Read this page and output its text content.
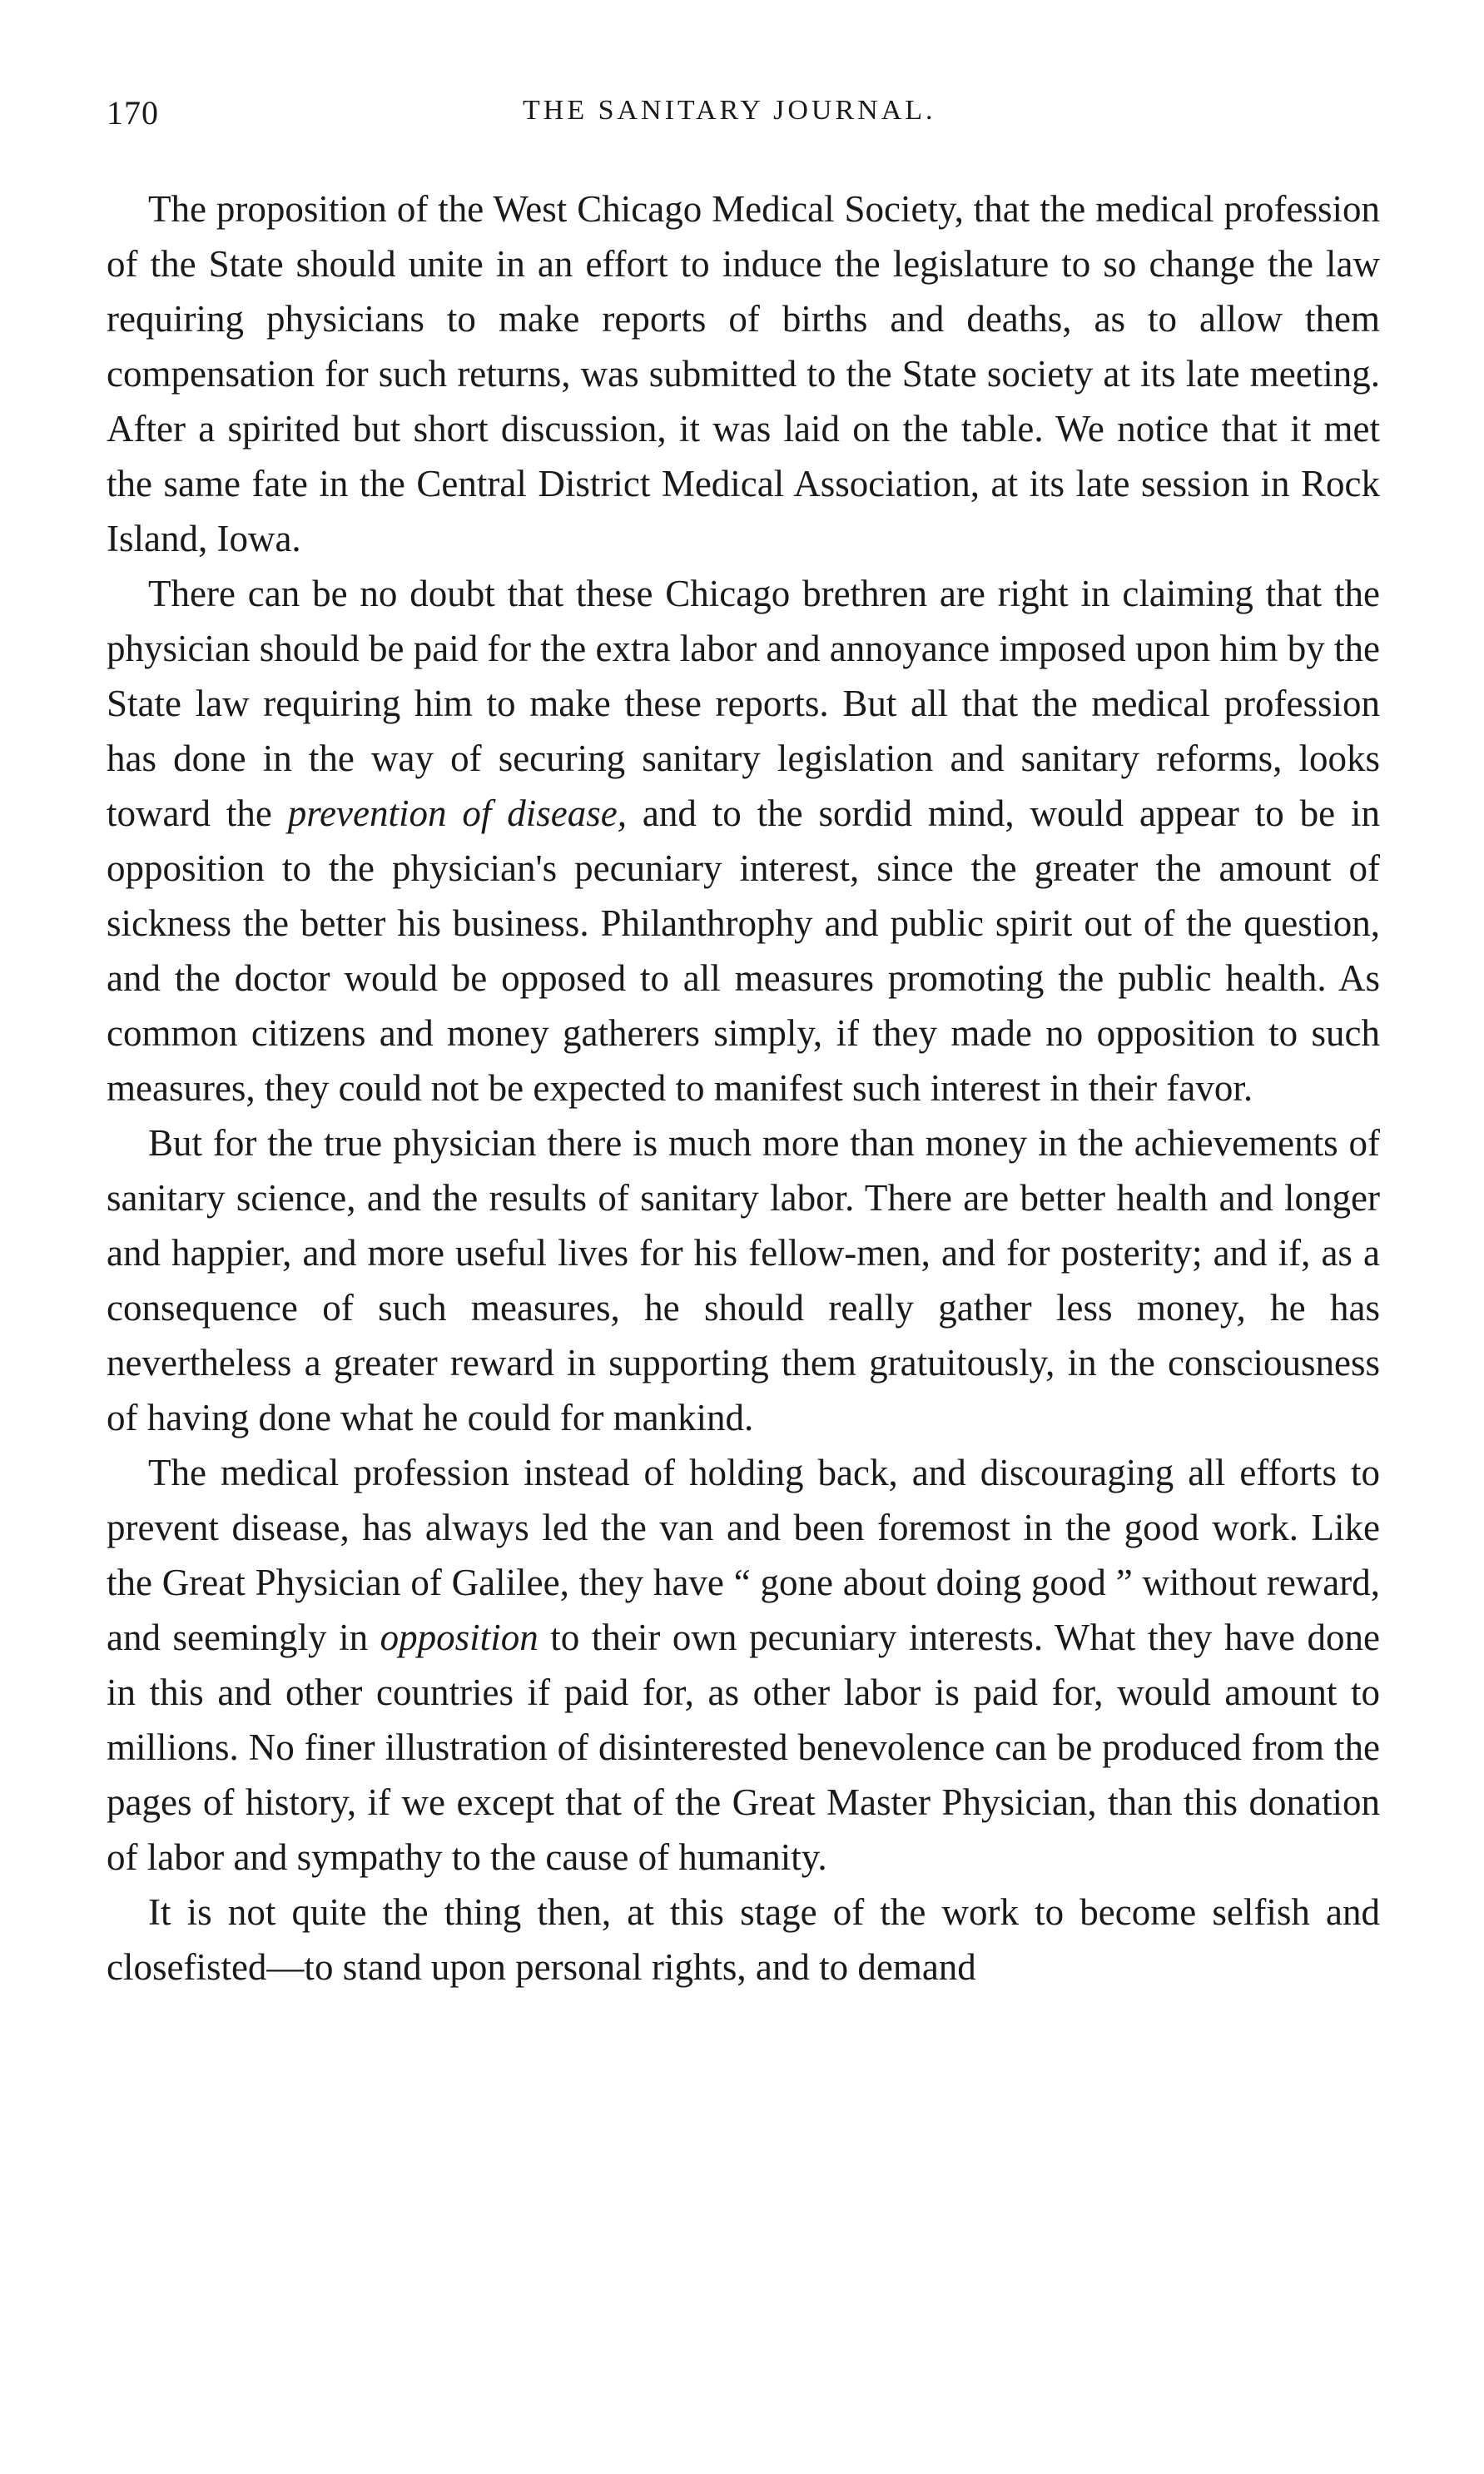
170	THE SANITARY JOURNAL.

The proposition of the West Chicago Medical Society, that the medical profession of the State should unite in an effort to induce the legislature to so change the law requiring physicians to make reports of births and deaths, as to allow them compensation for such returns, was submitted to the State society at its late meeting. After a spirited but short discussion, it was laid on the table. We notice that it met the same fate in the Central District Medical Association, at its late session in Rock Island, Iowa.

There can be no doubt that these Chicago brethren are right in claiming that the physician should be paid for the extra labor and annoyance imposed upon him by the State law requiring him to make these reports. But all that the medical profession has done in the way of securing sanitary legislation and sanitary reforms, looks toward the prevention of disease, and to the sordid mind, would appear to be in opposition to the physician's pecuniary interest, since the greater the amount of sickness the better his business. Philanthrophy and public spirit out of the question, and the doctor would be opposed to all measures promoting the public health. As common citizens and money gatherers simply, if they made no opposition to such measures, they could not be expected to manifest such interest in their favor.

But for the true physician there is much more than money in the achievements of sanitary science, and the results of sanitary labor. There are better health and longer and happier, and more useful lives for his fellow-men, and for posterity; and if, as a consequence of such measures, he should really gather less money, he has nevertheless a greater reward in supporting them gratuitously, in the consciousness of having done what he could for mankind.

The medical profession instead of holding back, and discouraging all efforts to prevent disease, has always led the van and been foremost in the good work. Like the Great Physician of Galilee, they have “ gone about doing good ” without reward, and seemingly in opposition to their own pecuniary interests. What they have done in this and other countries if paid for, as other labor is paid for, would amount to millions. No finer illustration of disinterested benevolence can be produced from the pages of history, if we except that of the Great Master Physician, than this donation of labor and sympathy to the cause of humanity.

It is not quite the thing then, at this stage of the work to become selfish and closefisted—to stand upon personal rights, and to demand
